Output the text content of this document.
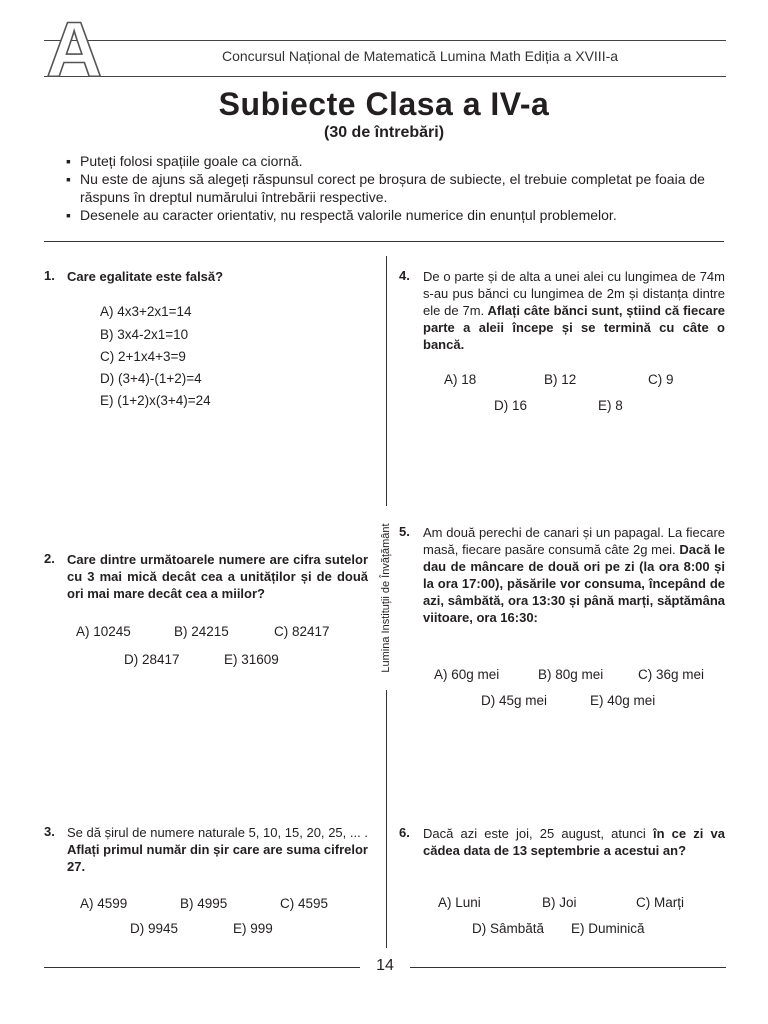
A	Concursul Național de Matematică Lumina Math Ediția a XVIII-a
Subiecte Clasa a IV-a
(30 de întrebări)
▪ Puteți folosi spațiile goale ca ciornă.
▪ Nu este de ajuns să alegeți răspunsul corect pe broșura de subiecte, el trebuie completat pe foaia de răspuns în dreptul numărului întrebării respective.
▪ Desenele au caracter orientativ, nu respectă valorile numerice din enunțul problemelor.
Lumina Instituții de Învățământ
1. Care egalitate este falsă?
A) 4x3+2x1=14
B) 3x4-2x1=10
C) 2+1x4+3=9
D) (3+4)-(1+2)=4
E) (1+2)x(3+4)=24
2. Care dintre următoarele numere are cifra sutelor cu 3 mai mică decât cea a unităților și de două ori mai mare decât cea a miilor?
A) 10245	B) 24215	C) 82417
D) 28417	E) 31609
3. Se dă șirul de numere naturale 5, 10, 15, 20, 25, ... . Aflați primul număr din șir care are suma cifrelor 27.
A) 4599	B) 4995	C) 4595
D) 9945	E) 999
4. De o parte și de alta a unei alei cu lungimea de 74m s-au pus bănci cu lungimea de 2m și distanța dintre ele de 7m. Aflați câte bănci sunt, știind că fiecare parte a aleii începe și se termină cu câte o bancă.
A) 18	B) 12	C) 9
D) 16	E) 8
5. Am două perechi de canari și un papagal. La fiecare masă, fiecare pasăre consumă câte 2g mei. Dacă le dau de mâncare de două ori pe zi (la ora 8:00 și la ora 17:00), păsările vor consuma, începând de azi, sâmbătă, ora 13:30 și până marți, săptămâna viitoare, ora 16:30:
A) 60g mei	B) 80g mei	C) 36g mei
D) 45g mei	E) 40g mei
6. Dacă azi este joi, 25 august, atunci în ce zi va cădea data de 13 septembrie a acestui an?
A) Luni	B) Joi	C) Marți
D) Sâmbătă E) Duminică
14
